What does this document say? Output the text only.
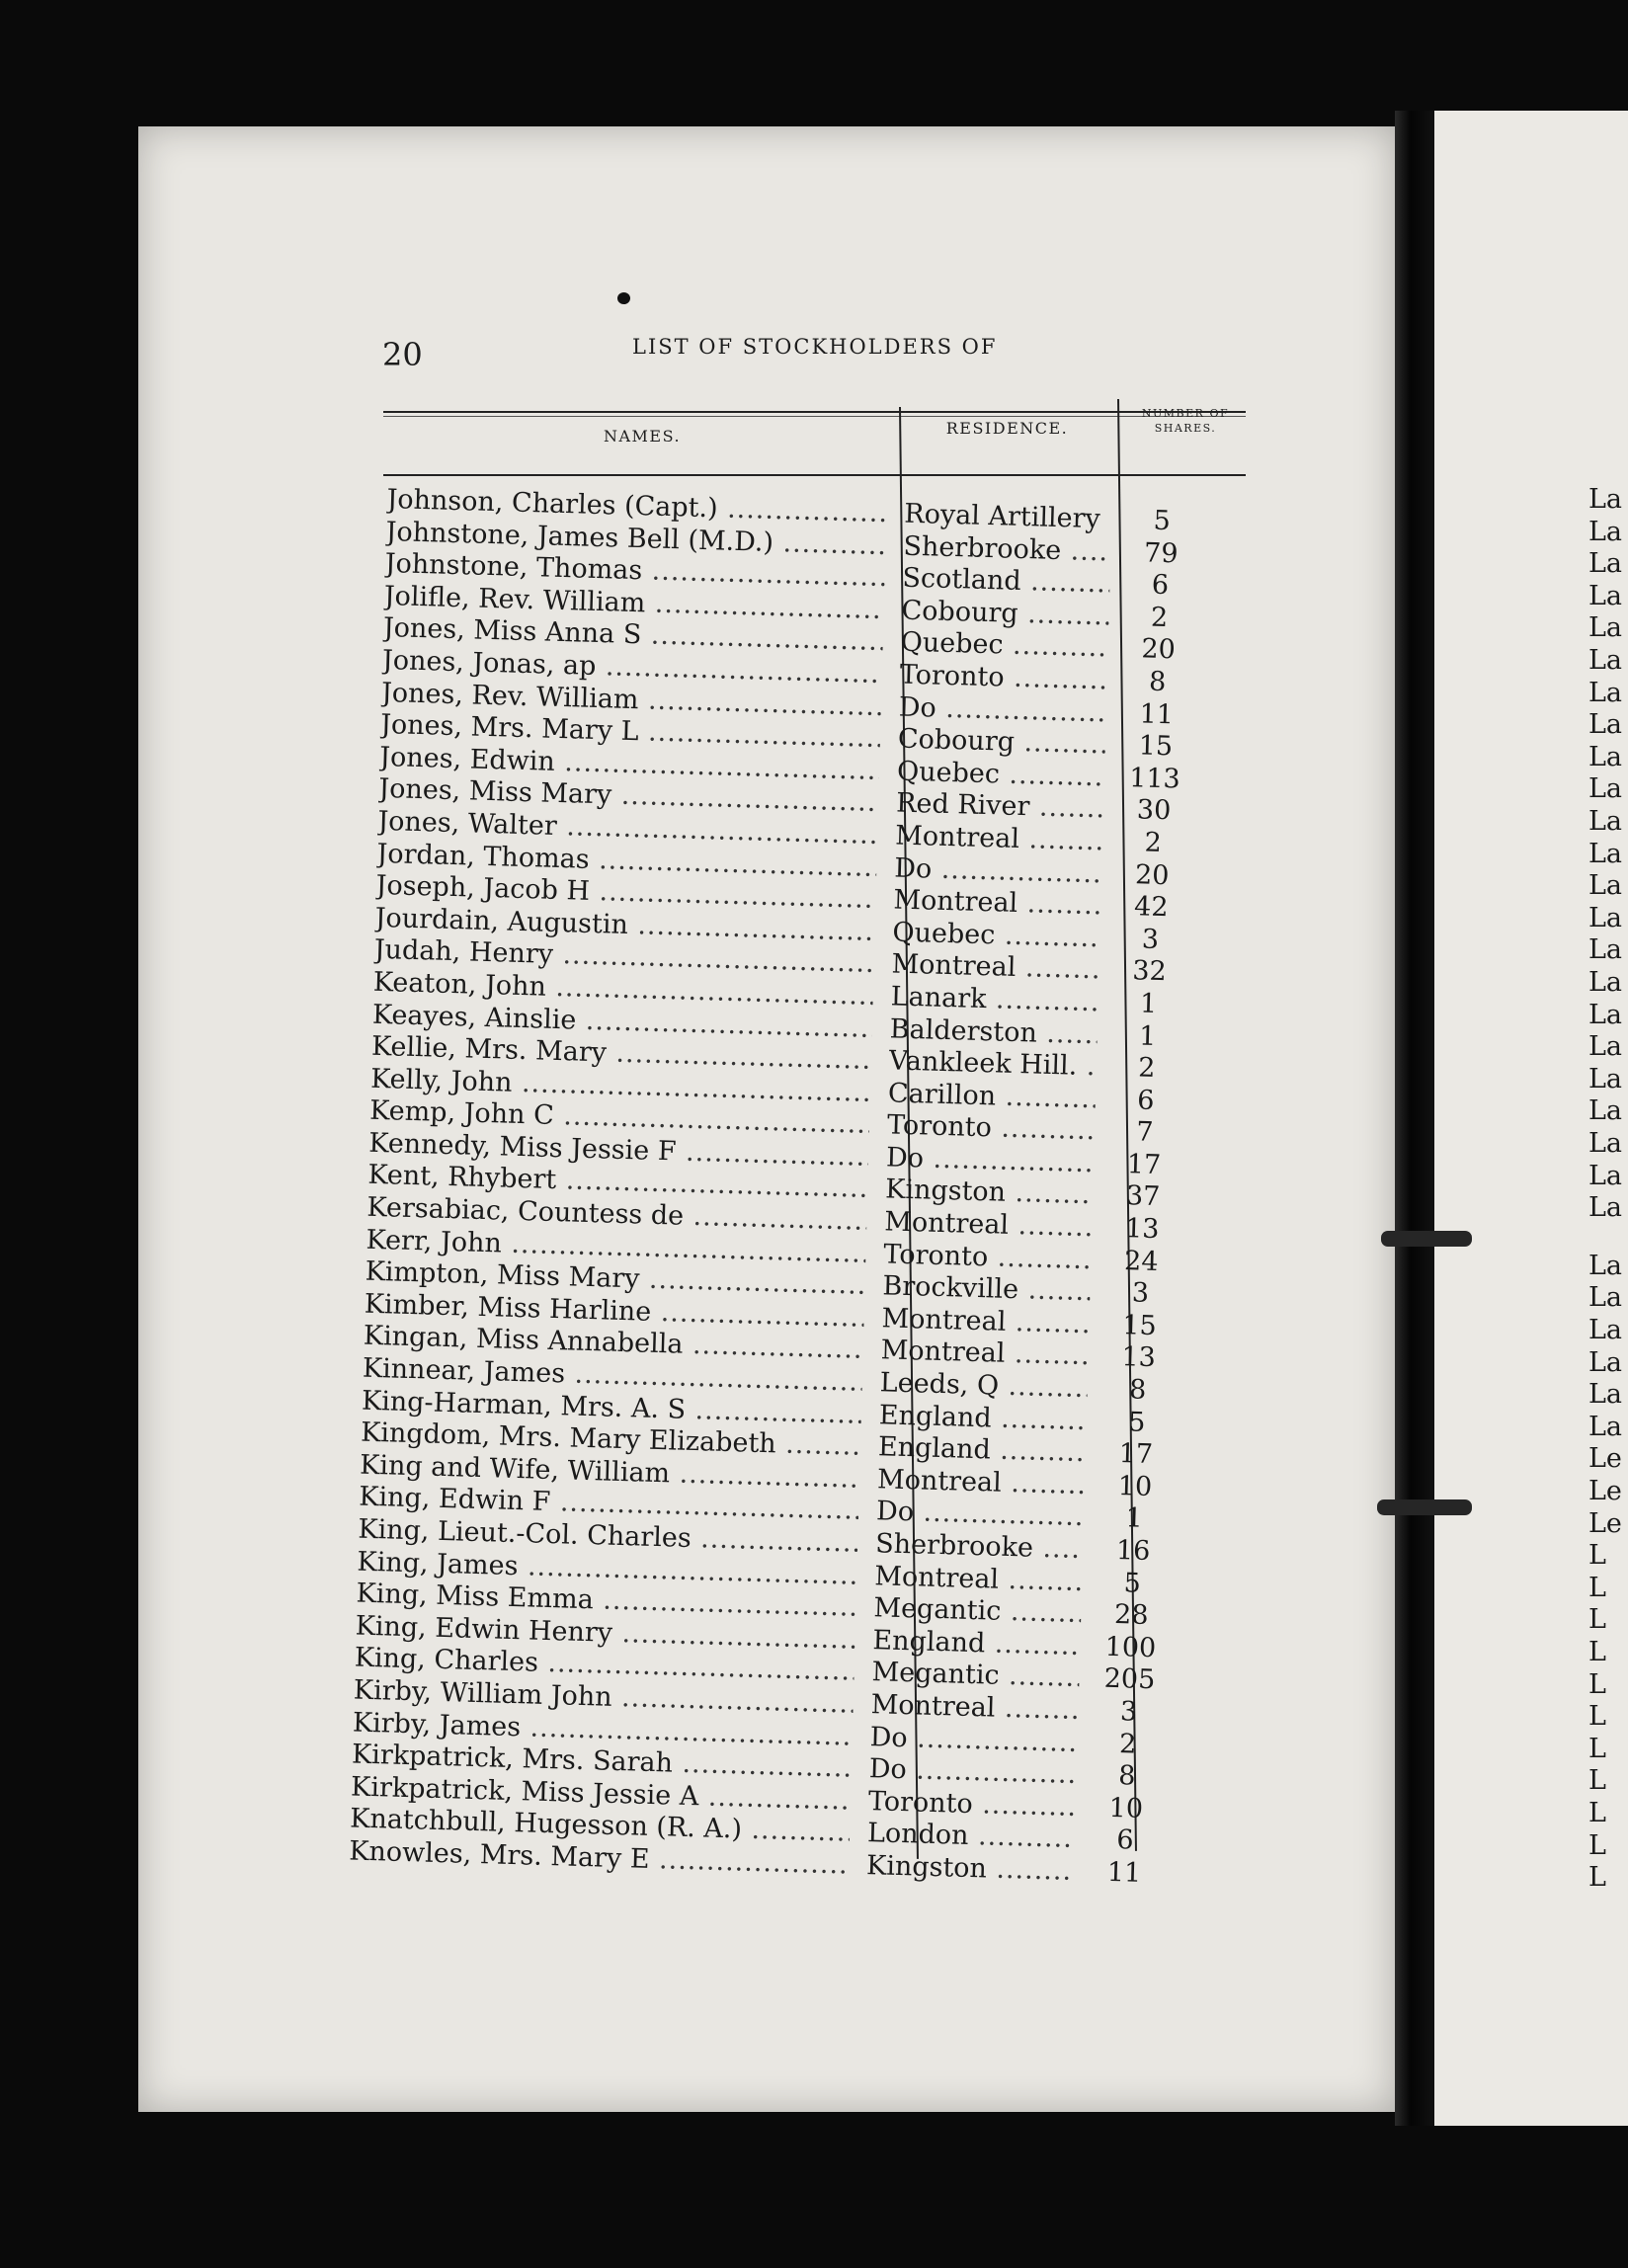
20	LIST OF STOCKHOLDERS OF
NAMES.	RESIDENCE.
NUMBER OF
SHARES.
Johnson, Charles (Capt.) .....	Royal Artillery .....	5
Johnstone, James Bell (M.D.) .....	Sherbrooke .....	79
Johnstone, Thomas .....	Scotland .....	6
Jolifle, Rev. William .....	Cobourg .....	2
Jones, Miss Anna S .....	Quebec .....	20
Jones, Jonas, ap .....	Toronto .....	8
Jones, Rev. William .....	Do .....	11
Jones, Mrs. Mary L .....	Cobourg .....	15
Jones, Edwin .....	Quebec .....	113
Jones, Miss Mary .....	Red River .....	30
Jones, Walter .....	Montreal .....	2
Jordan, Thomas .....	Do .....	20
Joseph, Jacob H .....	Montreal .....	42
Jourdain, Augustin .....	Quebec .....	3
Judah, Henry .....	Montreal .....	32
Keaton, John .....	Lanark .....	1
Keayes, Ainslie .....	Balderston .....	1
Kellie, Mrs. Mary .....	Vankleek Hill. .....	2
Kelly, John .....	Carillon .....	6
Kemp, John C .....	Toronto .....	7
Kennedy, Miss Jessie F .....	Do .....	17
Kent, Rhybert .....	Kingston .....	37
Kersabiac, Countess de .....	Montreal .....	13
Kerr, John .....	Toronto .....	24
Kimpton, Miss Mary .....	Brockville .....	3
Kimber, Miss Harline .....	Montreal .....	15
Kingan, Miss Annabella .....	Montreal .....	13
Kinnear, James .....	Leeds, Q .....	8
King-Harman, Mrs. A. S .....	England .....	5
Kingdom, Mrs. Mary Elizabeth .....	England .....	17
King and Wife, William .....	Montreal .....	10
King, Edwin F .....	Do .....	1
King, Lieut.-Col. Charles .....	Sherbrooke .....	16
King, James .....	Montreal .....	5
King, Miss Emma .....	Megantic .....	28
King, Edwin Henry .....	England .....	100
King, Charles .....	Megantic .....	205
Kirby, William John .....	Montreal .....	3
Kirby, James .....	Do .....	2
Kirkpatrick, Mrs. Sarah .....	Do .....	8
Kirkpatrick, Miss Jessie A .....	Toronto .....	10
Knatchbull, Hugesson (R. A.) .....	London .....	6
Knowles, Mrs. Mary E .....	Kingston .....	11
La
La
La
La
La
La
La
La
La
La
La
La
La
La
La
La
La
La
La
La
La
La
La
La
La
La
La
La
La
Le
Le
Le
L
L
L
L
L
L
L
L
L
L
L
